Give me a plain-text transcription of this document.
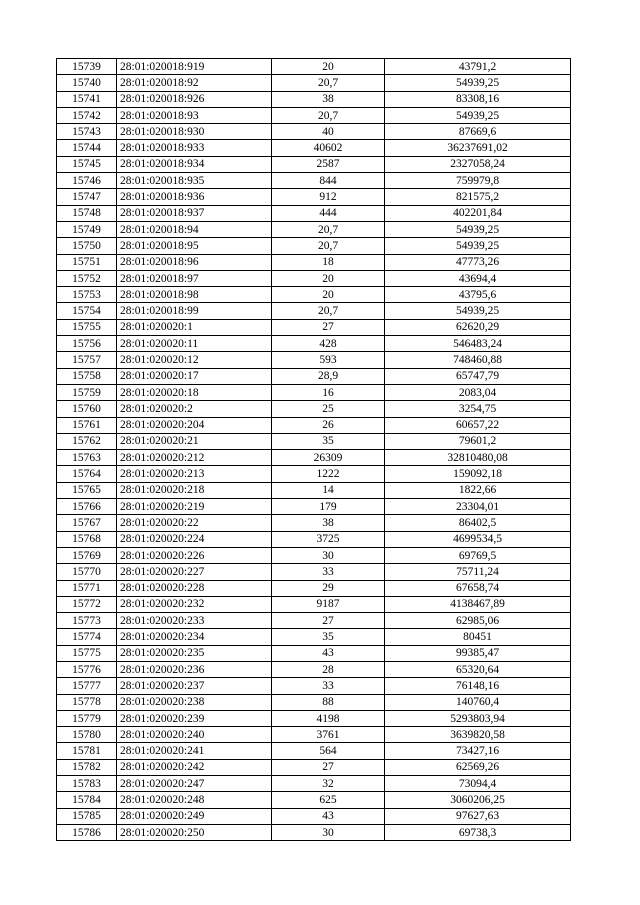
15739	28:01:020018:919	20	43791,2
15740	28:01:020018:92	20,7	54939,25
15741	28:01:020018:926	38	83308,16
15742	28:01:020018:93	20,7	54939,25
15743	28:01:020018:930	40	87669,6
15744	28:01:020018:933	40602	36237691,02
15745	28:01:020018:934	2587	2327058,24
15746	28:01:020018:935	844	759979,8
15747	28:01:020018:936	912	821575,2
15748	28:01:020018:937	444	402201,84
15749	28:01:020018:94	20,7	54939,25
15750	28:01:020018:95	20,7	54939,25
15751	28:01:020018:96	18	47773,26
15752	28:01:020018:97	20	43694,4
15753	28:01:020018:98	20	43795,6
15754	28:01:020018:99	20,7	54939,25
15755	28:01:020020:1	27	62620,29
15756	28:01:020020:11	428	546483,24
15757	28:01:020020:12	593	748460,88
15758	28:01:020020:17	28,9	65747,79
15759	28:01:020020:18	16	2083,04
15760	28:01:020020:2	25	3254,75
15761	28:01:020020:204	26	60657,22
15762	28:01:020020:21	35	79601,2
15763	28:01:020020:212	26309	32810480,08
15764	28:01:020020:213	1222	159092,18
15765	28:01:020020:218	14	1822,66
15766	28:01:020020:219	179	23304,01
15767	28:01:020020:22	38	86402,5
15768	28:01:020020:224	3725	4699534,5
15769	28:01:020020:226	30	69769,5
15770	28:01:020020:227	33	75711,24
15771	28:01:020020:228	29	67658,74
15772	28:01:020020:232	9187	4138467,89
15773	28:01:020020:233	27	62985,06
15774	28:01:020020:234	35	80451
15775	28:01:020020:235	43	99385,47
15776	28:01:020020:236	28	65320,64
15777	28:01:020020:237	33	76148,16
15778	28:01:020020:238	88	140760,4
15779	28:01:020020:239	4198	5293803,94
15780	28:01:020020:240	3761	3639820,58
15781	28:01:020020:241	564	73427,16
15782	28:01:020020:242	27	62569,26
15783	28:01:020020:247	32	73094,4
15784	28:01:020020:248	625	3060206,25
15785	28:01:020020:249	43	97627,63
15786	28:01:020020:250	30	69738,3
